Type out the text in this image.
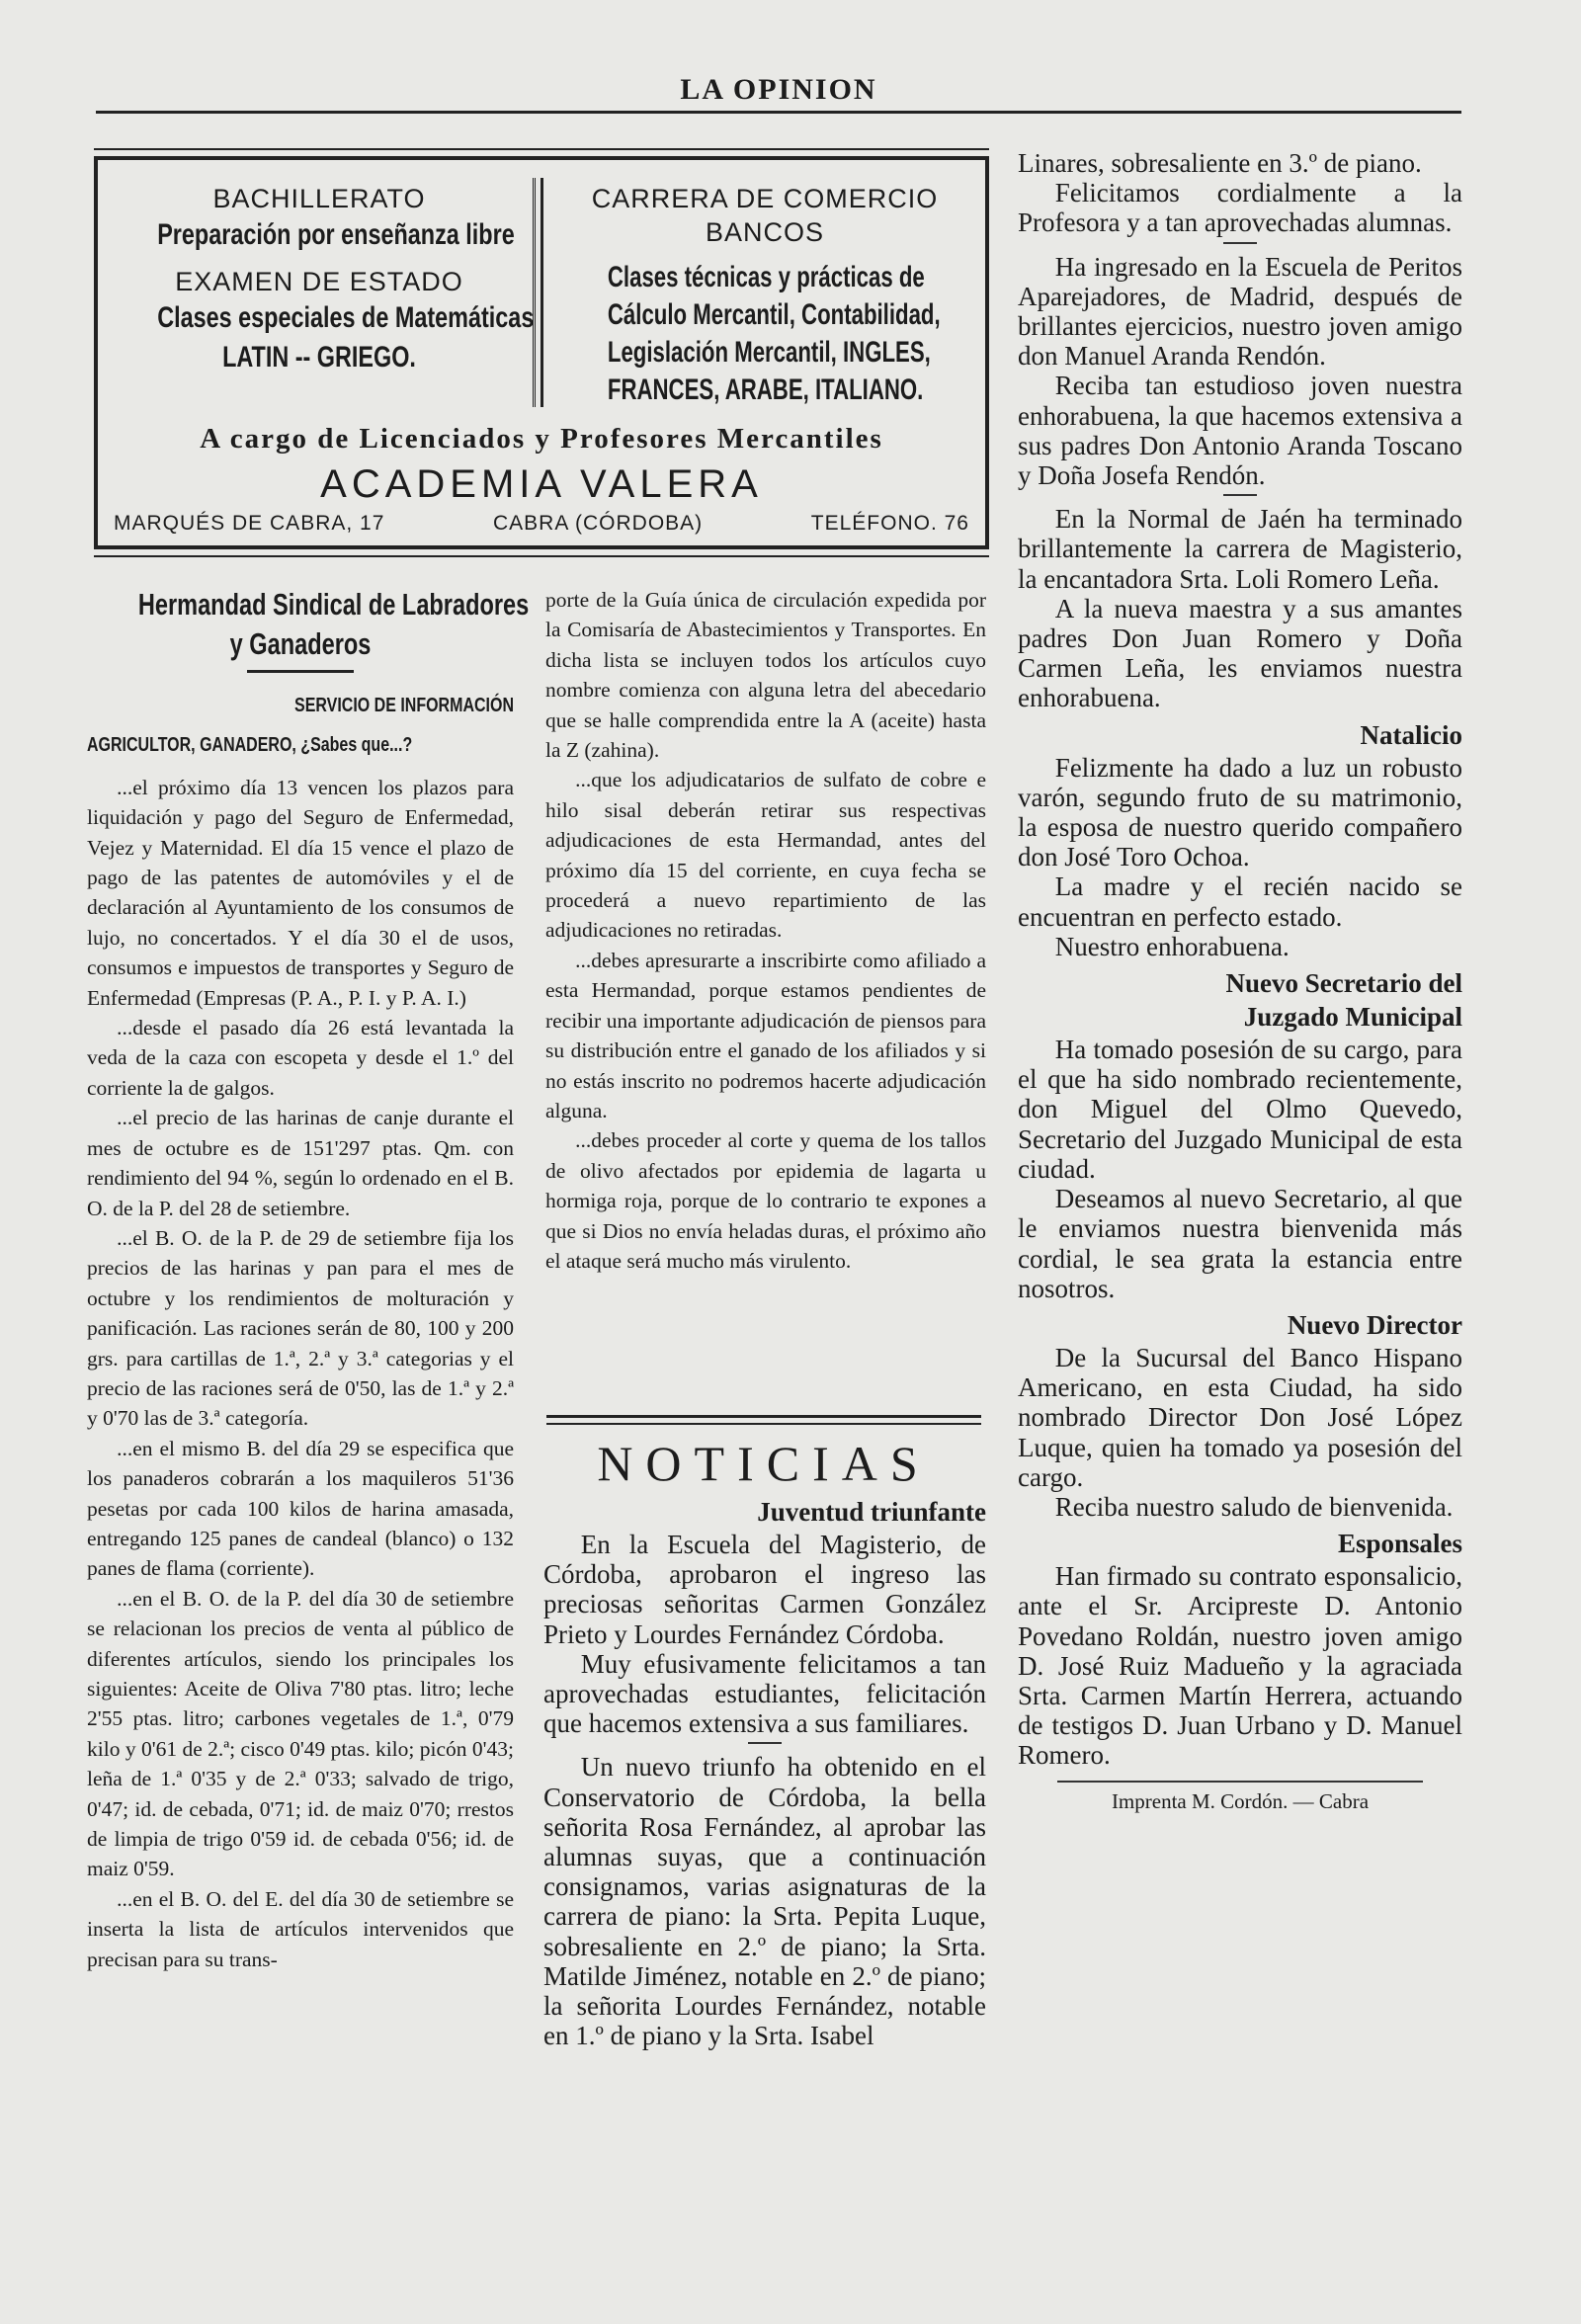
LA OPINION
BACHILLERATO
Preparación por enseñanza libre
EXAMEN DE ESTADO
Clases especiales de Matemáticas
LATIN -- GRIEGO.
CARRERA DE COMERCIO
BANCOS
Clases técnicas y prácticas de
Cálculo Mercantil, Contabilidad,
Legislación Mercantil, INGLES,
FRANCES, ARABE, ITALIANO.
A cargo de Licenciados y Profesores Mercantiles
ACADEMIA VALERA
MARQUÉS DE CABRA, 17	CABRA (CÓRDOBA)	TELÉFONO. 76
Hermandad Sindical de Labradores
y Ganaderos
SERVICIO DE INFORMACIÓN
AGRICULTOR, GANADERO, ¿Sabes que...?

...el próximo día 13 vencen los plazos para liquidación y pago del Seguro de Enfermedad, Vejez y Maternidad. El día 15 vence el plazo de pago de las patentes de automóviles y el de declaración al Ayuntamiento de los consumos de lujo, no concertados. Y el día 30 el de usos, consumos e impuestos de transportes y Seguro de Enfermedad (Empresas (P. A., P. I. y P. A. I.)

...desde el pasado día 26 está levantada la veda de la caza con escopeta y desde el 1.º del corriente la de galgos.

...el precio de las harinas de canje durante el mes de octubre es de 151'297 ptas. Qm. con rendimiento del 94 %, según lo ordenado en el B. O. de la P. del 28 de setiembre.

...el B. O. de la P. de 29 de setiembre fija los precios de las harinas y pan para el mes de octubre y los rendimientos de molturación y panificación. Las raciones serán de 80, 100 y 200 grs. para cartillas de 1.ª, 2.ª y 3.ª categorias y el precio de las raciones será de 0'50, las de 1.ª y 2.ª y 0'70 las de 3.ª categoría.

...en el mismo B. del día 29 se especifica que los panaderos cobrarán a los maquileros 51'36 pesetas por cada 100 kilos de harina amasada, entregando 125 panes de candeal (blanco) o 132 panes de flama (corriente).

...en el B. O. de la P. del día 30 de setiembre se relacionan los precios de venta al público de diferentes artículos, siendo los principales los siguientes: Aceite de Oliva 7'80 ptas. litro; leche 2'55 ptas. litro; carbones vegetales de 1.ª, 0'79 kilo y 0'61 de 2.ª; cisco 0'49 ptas. kilo; picón 0'43; leña de 1.ª 0'35 y de 2.ª 0'33; salvado de trigo, 0'47; id. de cebada, 0'71; id. de maiz 0'70; rrestos de limpia de trigo 0'59 id. de cebada 0'56; id. de maiz 0'59.

...en el B. O. del E. del día 30 de setiembre se inserta la lista de artículos intervenidos que precisan para su trans-

porte de la Guía única de circulación expedida por la Comisaría de Abastecimientos y Transportes. En dicha lista se incluyen todos los artículos cuyo nombre comienza con alguna letra del abecedario que se halle comprendida entre la A (aceite) hasta la Z (zahina).

...que los adjudicatarios de sulfato de cobre e hilo sisal deberán retirar sus respectivas adjudicaciones de esta Hermandad, antes del próximo día 15 del corriente, en cuya fecha se procederá a nuevo repartimiento de las adjudicaciones no retiradas.

...debes apresurarte a inscribirte como afiliado a esta Hermandad, porque estamos pendientes de recibir una importante adjudicación de piensos para su distribución entre el ganado de los afiliados y si no estás inscrito no podremos hacerte adjudicación alguna.

...debes proceder al corte y quema de los tallos de olivo afectados por epidemia de lagarta u hormiga roja, porque de lo contrario te expones a que si Dios no envía heladas duras, el próximo año el ataque será mucho más virulento.

NOTICIAS
Juventud triunfante

En la Escuela del Magisterio, de Córdoba, aprobaron el ingreso las preciosas señoritas Carmen González Prieto y Lourdes Fernández Córdoba.

Muy efusivamente felicitamos a tan aprovechadas estudiantes, felicitación que hacemos extensiva a sus familiares.

Un nuevo triunfo ha obtenido en el Conservatorio de Córdoba, la bella señorita Rosa Fernández, al aprobar las alumnas suyas, que a continuación consignamos, varias asignaturas de la carrera de piano: la Srta. Pepita Luque, sobresaliente en 2.º de piano; la Srta. Matilde Jiménez, notable en 2.º de piano; la señorita Lourdes Fernández, notable en 1.º de piano y la Srta. Isabel

Linares, sobresaliente en 3.º de piano.

Felicitamos cordialmente a la Profesora y a tan aprovechadas alumnas.

Ha ingresado en la Escuela de Peritos Aparejadores, de Madrid, después de brillantes ejercicios, nuestro joven amigo don Manuel Aranda Rendón.

Reciba tan estudioso joven nuestra enhorabuena, la que hacemos extensiva a sus padres Don Antonio Aranda Toscano y Doña Josefa Rendón.

En la Normal de Jaén ha terminado brillantemente la carrera de Magisterio, la encantadora Srta. Loli Romero Leña.

A la nueva maestra y a sus amantes padres Don Juan Romero y Doña Carmen Leña, les enviamos nuestra enhorabuena.

Natalicio

Felizmente ha dado a luz un robusto varón, segundo fruto de su matrimonio, la esposa de nuestro querido compañero don José Toro Ochoa.

La madre y el recién nacido se encuentran en perfecto estado.

Nuestro enhorabuena.

Nuevo Secretario del
Juzgado Municipal

Ha tomado posesión de su cargo, para el que ha sido nombrado recientemente, don Miguel del Olmo Quevedo, Secretario del Juzgado Municipal de esta ciudad.

Deseamos al nuevo Secretario, al que le enviamos nuestra bienvenida más cordial, le sea grata la estancia entre nosotros.

Nuevo Director

De la Sucursal del Banco Hispano Americano, en esta Ciudad, ha sido nombrado Director Don José López Luque, quien ha tomado ya posesión del cargo.

Reciba nuestro saludo de bienvenida.

Esponsales

Han firmado su contrato esponsalicio, ante el Sr. Arcipreste D. Antonio Povedano Roldán, nuestro joven amigo D. José Ruiz Madueño y la agraciada Srta. Carmen Martín Herrera, actuando de testigos D. Juan Urbano y D. Manuel Romero.

Imprenta M. Cordón. — Cabra
